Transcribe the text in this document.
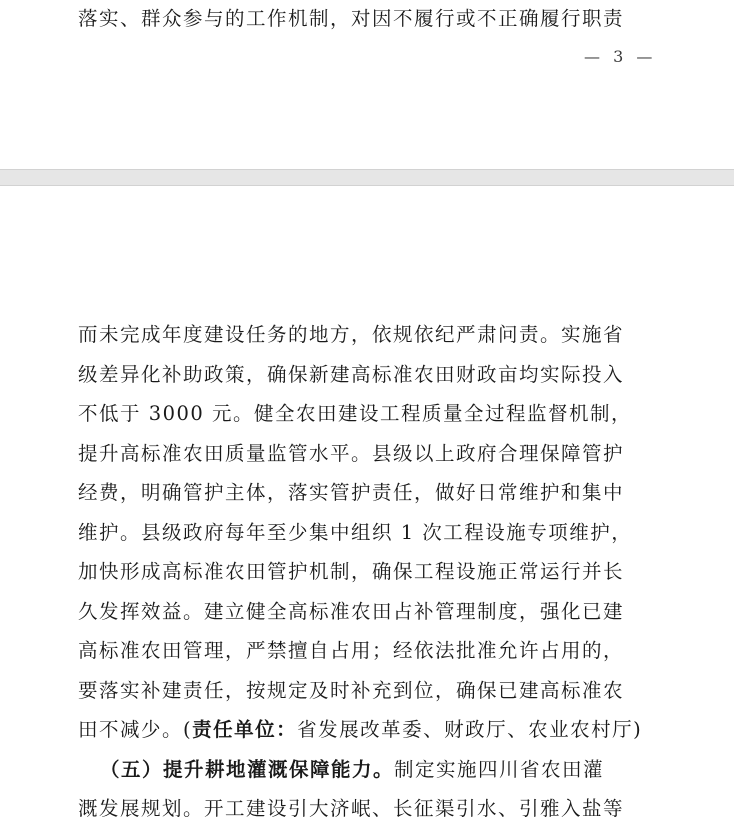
落实、群众参与的工作机制，对因不履行或不正确履行职责
— 3 —
而未完成年度建设任务的地方，依规依纪严肃问责。实施省
级差异化补助政策，确保新建高标准农田财政亩均实际投入
不低于 3000 元。健全农田建设工程质量全过程监督机制，
提升高标准农田质量监管水平。县级以上政府合理保障管护
经费，明确管护主体，落实管护责任，做好日常维护和集中
维护。县级政府每年至少集中组织 1 次工程设施专项维护，
加快形成高标准农田管护机制，确保工程设施正常运行并长
久发挥效益。建立健全高标准农田占补管理制度，强化已建
高标准农田管理，严禁擅自占用；经依法批准允许占用的，
要落实补建责任，按规定及时补充到位，确保已建高标准农
田不减少。(责任单位：省发展改革委、财政厅、农业农村厅)
（五）提升耕地灌溉保障能力。制定实施四川省农田灌
溉发展规划。开工建设引大济岷、长征渠引水、引雅入盐等
